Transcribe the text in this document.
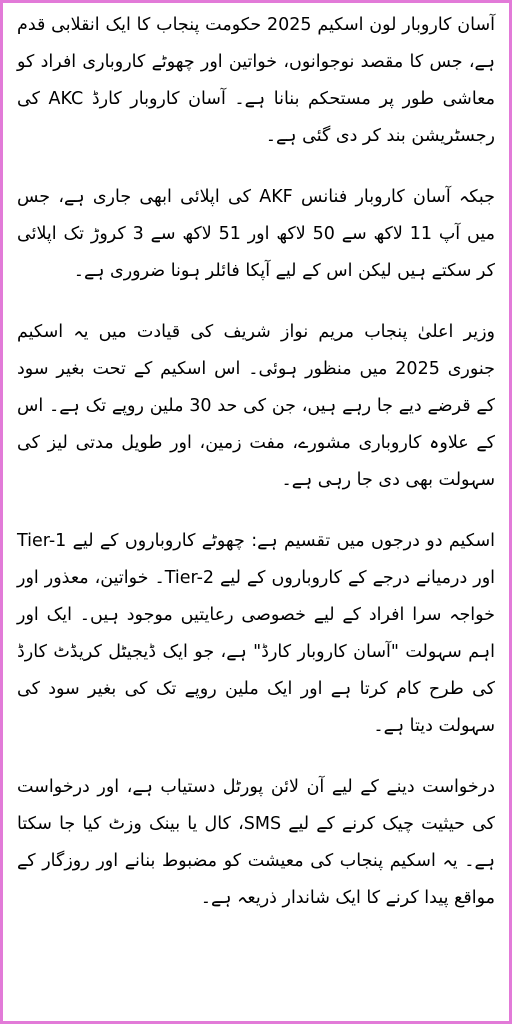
آسان کاروبار لون اسکیم 2025 حکومت پنجاب کا ایک انقلابی قدم ہے، جس کا مقصد نوجوانوں، خواتین اور چھوٹے کاروباری افراد کو معاشی طور پر مستحکم بنانا ہے۔ آسان کاروبار کارڈ AKC کی رجسٹریشن بند کر دی گئی ہے۔

جبکہ آسان کاروبار فنانس AKF کی اپلائی ابھی جاری ہے، جس میں آپ 11 لاکھ سے 50 لاکھ اور 51 لاکھ سے 3 کروڑ تک اپلائی کر سکتے ہیں لیکن اس کے لیے آپکا فائلر ہونا ضروری ہے۔

وزیر اعلیٰ پنجاب مریم نواز شریف کی قیادت میں یہ اسکیم جنوری 2025 میں منظور ہوئی۔ اس اسکیم کے تحت بغیر سود کے قرضے دیے جا رہے ہیں، جن کی حد 30 ملین روپے تک ہے۔ اس کے علاوہ کاروباری مشورے، مفت زمین، اور طویل مدتی لیز کی سہولت بھی دی جا رہی ہے۔

اسکیم دو درجوں میں تقسیم ہے: چھوٹے کاروباروں کے لیے Tier-1 اور درمیانے درجے کے کاروباروں کے لیے Tier-2۔ خواتین، معذور اور خواجہ سرا افراد کے لیے خصوصی رعایتیں موجود ہیں۔ ایک اور اہم سہولت "آسان کاروبار کارڈ" ہے، جو ایک ڈیجیٹل کریڈٹ کارڈ کی طرح کام کرتا ہے اور ایک ملین روپے تک کی بغیر سود کی سہولت دیتا ہے۔

درخواست دینے کے لیے آن لائن پورٹل دستیاب ہے، اور درخواست کی حیثیت چیک کرنے کے لیے SMS، کال یا بینک وزٹ کیا جا سکتا ہے۔ یہ اسکیم پنجاب کی معیشت کو مضبوط بنانے اور روزگار کے مواقع پیدا کرنے کا ایک شاندار ذریعہ ہے۔
